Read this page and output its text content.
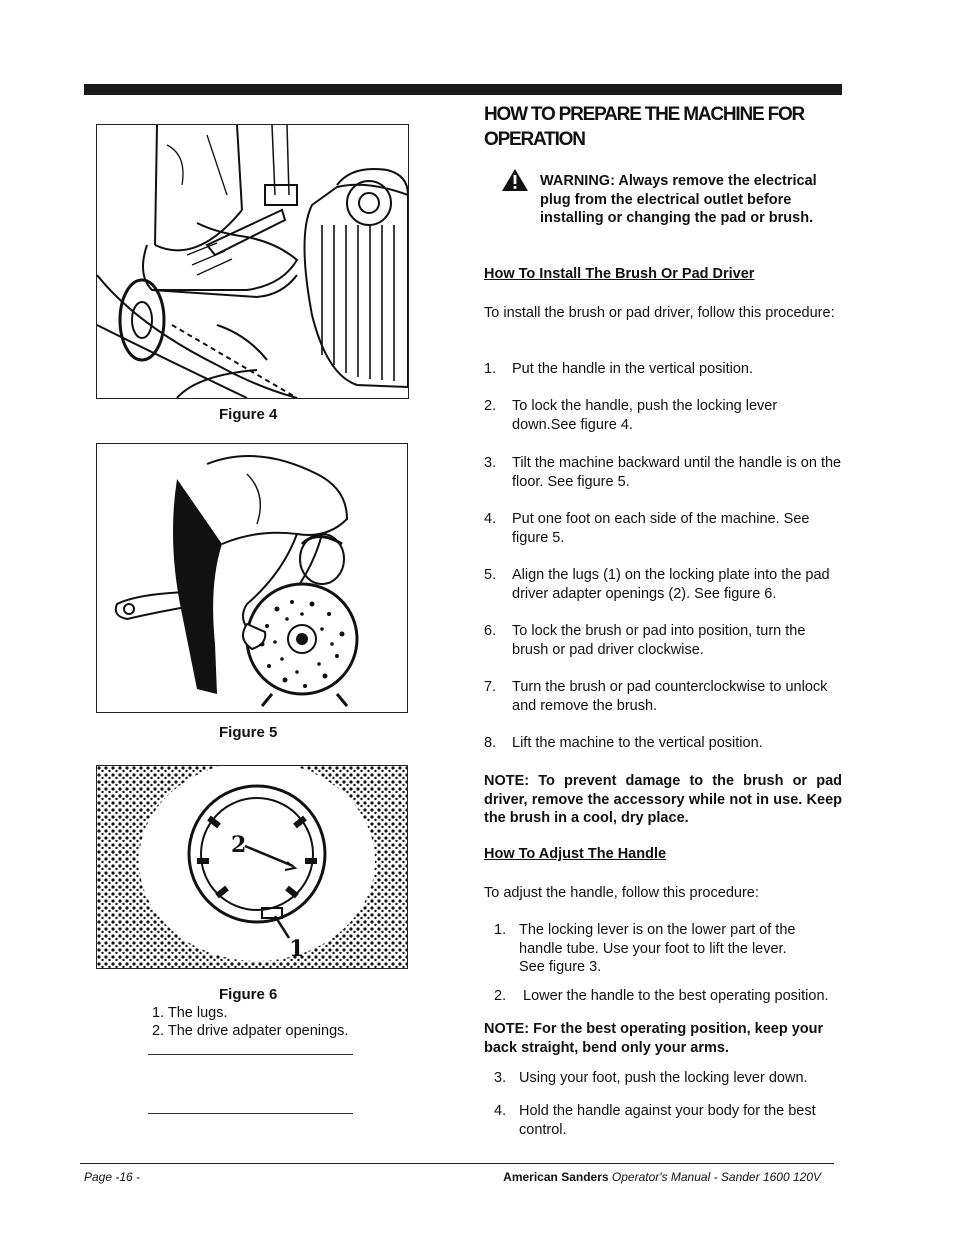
Figure 4
Figure 5
2
1
Figure 6
1. The lugs.
2. The drive adpater openings.
HOW TO PREPARE THE MACHINE FOR OPERATION
WARNING: Always remove the electrical plug from the electrical outlet before installing or changing the pad or brush.
How To Install The Brush Or Pad Driver
To install the brush or pad driver, follow this procedure:
1. Put the handle in the vertical position.
2. To lock the handle, push the locking lever down.See figure 4.
3. Tilt the machine backward until the handle is on the floor. See figure 5.
4. Put one foot on each side of the machine. See figure 5.
5. Align the lugs (1) on the locking plate into the pad driver adapter openings (2). See figure 6.
6. To lock the brush or pad into position, turn the brush or pad driver clockwise.
7. Turn the brush or pad counterclockwise to unlock and remove the brush.
8. Lift the machine to the vertical position.
NOTE: To prevent damage to the brush or pad driver, remove the accessory while not in use. Keep the brush in a cool, dry place.
How To Adjust The Handle
To adjust the handle, follow this procedure:
1. The locking lever is on the lower part of the handle tube. Use your foot to lift the lever. See figure 3.
2. Lower the handle to the best operating position.
NOTE: For the best operating position, keep your back straight, bend only your arms.
3. Using your foot, push the locking lever down.
4. Hold the handle against your body for the best control.
Page -16 -	American Sanders Operator's Manual - Sander 1600 120V
